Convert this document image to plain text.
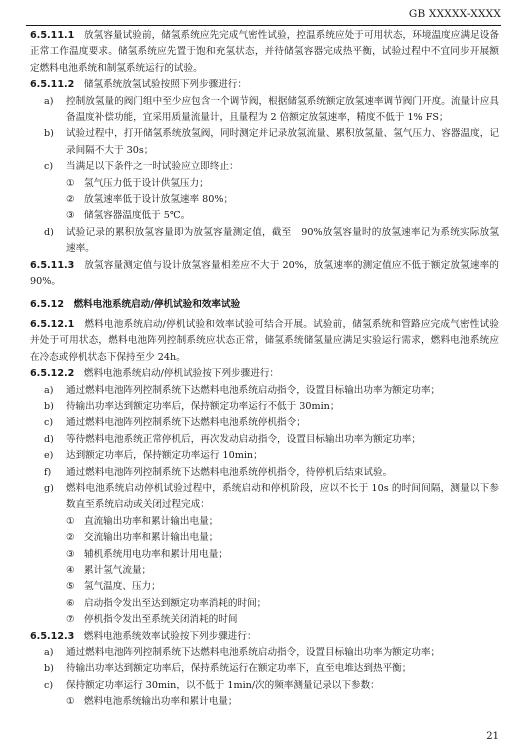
GB XXXXX-XXXX

6.5.11.1　 放氢容量试验前，储氢系统应先完成气密性试验，控温系统应处于可用状态，环境温度应满足设备正常工作温度要求。储氢系统应先置于饱和充氢状态，并待储氢容器完成热平衡，试验过程中不宜同步开展额定燃料电池系统和制氢系统运行的试验。

6.5.11.2　 储氢系统放氢试验按照下列步骤进行：

a) 控制放氢量的阀门组中至少应包含一个调节阀，根据储氢系统额定放氢速率调节阀门开度。流量计应具备温度补偿功能，宜采用质量流量计，且量程为 2 倍额定放氢速率，精度不低于 1% FS；
b) 试验过程中，打开储氢系统放氢阀，同时测定并记录放氢流量、累积放氢量、氢气压力、容器温度，记录间隔不大于 30s；
c) 当满足以下条件之一时试验应立即终止：
① 氢气压力低于设计供氢压力；
② 放氢速率低于设计放氢速率 80%；
③ 储氢容器温度低于 5℃。
d) 试验记录的累积放氢容量即为放氢容量测定值，截至　90%放氢容量时的放氢速率记为系统实际放氢速率。

6.5.11.3　 放氢容量测定值与设计放氢容量相差应不大于 20%，放氢速率的测定值应不低于额定放氢速率的 90%。

6.5.12　 燃料电池系统启动/停机试验和效率试验

6.5.12.1　 燃料电池系统启动/停机试验和效率试验可结合开展。试验前，储氢系统和管路应完成气密性试验并处于可用状态，燃料电池阵列控制系统应状态正常，储氢系统储氢量应满足实验运行需求，燃料电池系统应在冷态或停机状态下保持至少 24h。

6.5.12.2　 燃料电池系统启动/停机试验按下列步骤进行：

a) 通过燃料电池阵列控制系统下达燃料电池系统启动指令，设置目标输出功率为额定功率；
b) 待输出功率达到额定功率后，保持额定功率运行不低于 30min；
c) 通过燃料电池阵列控制系统下达燃料电池系统停机指令；
d) 等待燃料电池系统正常停机后，再次发动启动指令，设置目标输出功率为额定功率；
e) 达到额定功率后，保持额定功率运行 10min；
f) 通过燃料电池阵列控制系统下达燃料电池系统停机指令，待停机后结束试验。
g) 燃料电池系统启动停机试验过程中，系统启动和停机阶段，应以不长于 10s 的时间间隔，测量以下参数直至系统启动或关闭过程完成：
① 直流输出功率和累计输出电量；
② 交流输出功率和累计输出电量；
③ 辅机系统用电功率和累计用电量；
④ 累计氢气流量；
⑤ 氢气温度、压力；
⑥ 启动指令发出至达到额定功率消耗的时间；
⑦ 停机指令发出至系统关闭消耗的时间

6.5.12.3　 燃料电池系统效率试验按下列步骤进行：

a) 通过燃料电池阵列控制系统下达燃料电池系统启动指令，设置目标输出功率为额定功率；
b) 待输出功率达到额定功率后，保持系统运行在额定功率下，直至电堆达到热平衡；
c) 保持额定功率运行 30min，以不低于 1min/次的频率测量记录以下参数：
① 燃料电池系统输出功率和累计电量；
21
